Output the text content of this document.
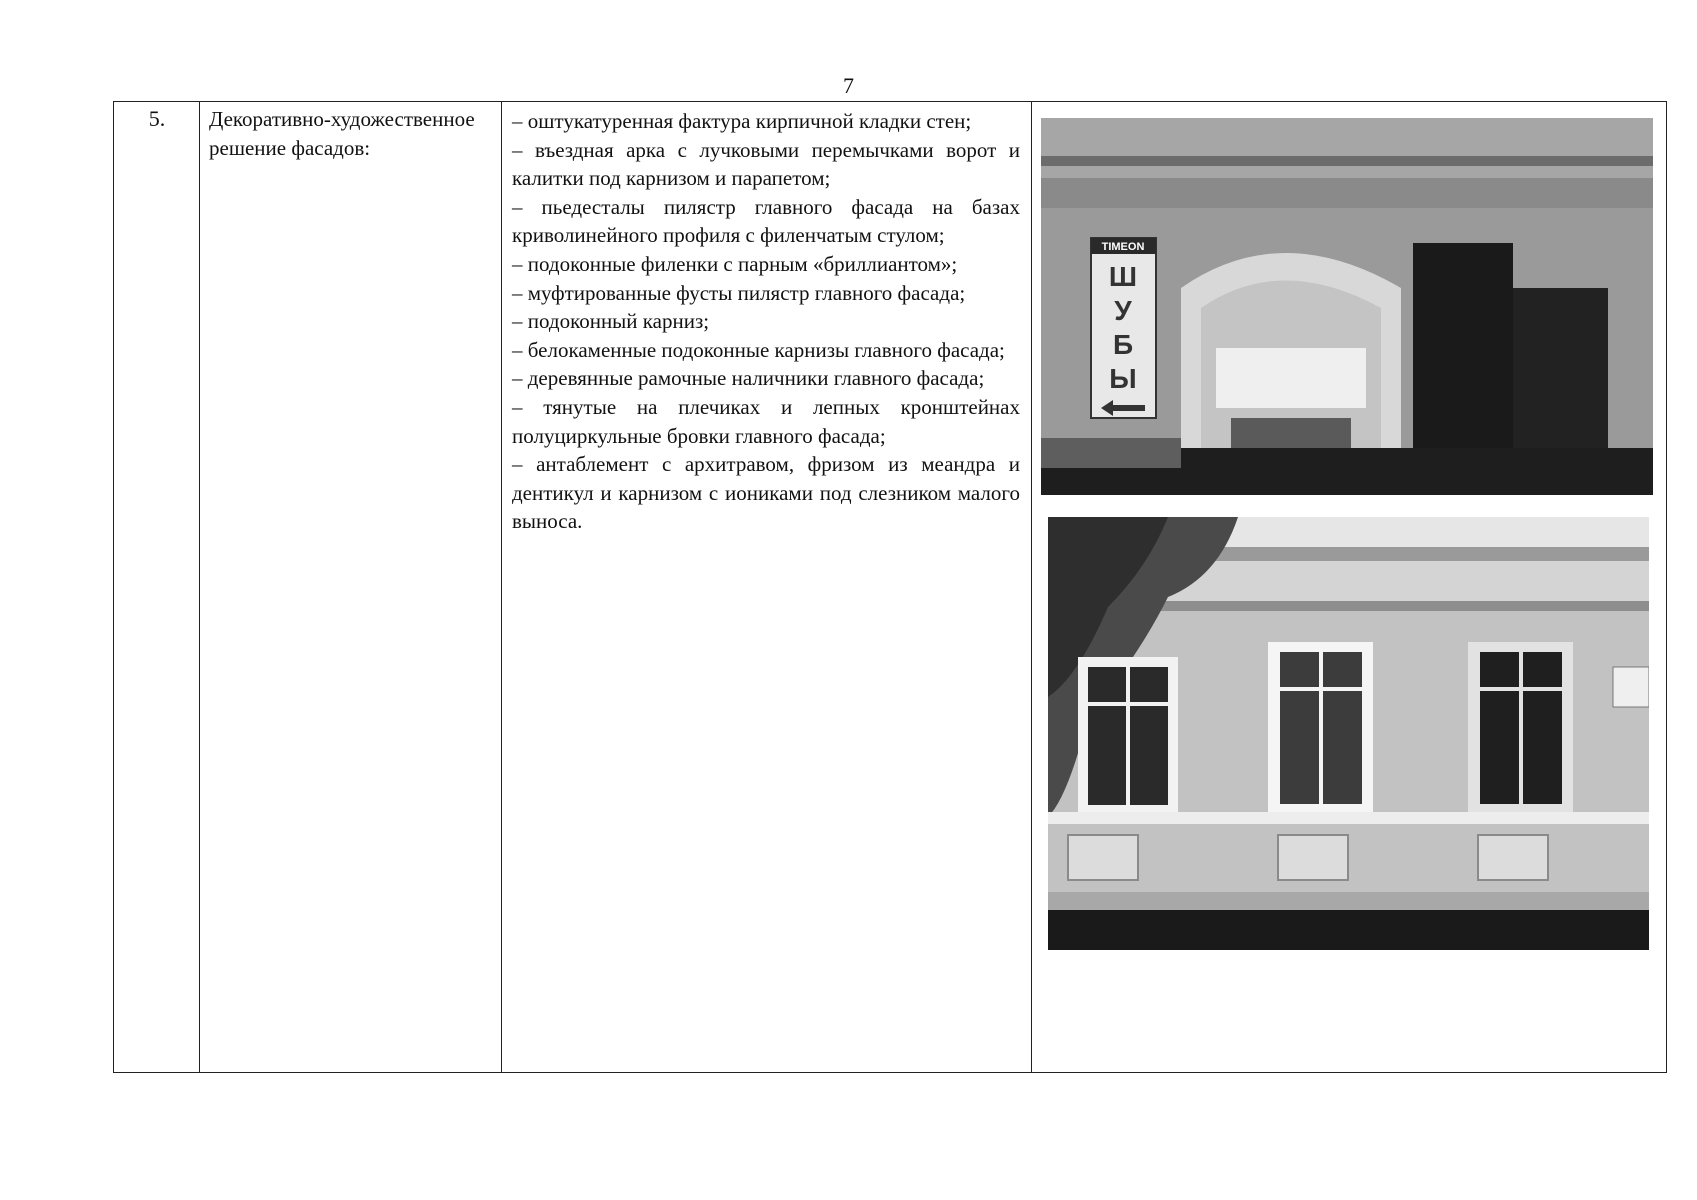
7
5.	Декоративно-художественное решение фасадов:
– оштукатуренная фактура кирпичной кладки стен;
– въездная арка с лучковыми перемычками ворот и калитки под карнизом и парапетом;
– пьедесталы пилястр главного фасада на базах криволинейного профиля с филенчатым стулом;
– подоконные филенки с парным «бриллиантом»;
– муфтированные фусты пилястр главного фасада;
– подоконный карниз;
– белокаменные подоконные карнизы главного фасада;
– деревянные рамочные наличники главного фасада;
– тянутые на плечиках и лепных кронштейнах полуциркульные бровки главного фасада;
– антаблемент с архитравом, фризом из меандра и дентикул и карнизом с иониками под слезником малого выноса.
TIMEON
Ш
У
Б
Ы
